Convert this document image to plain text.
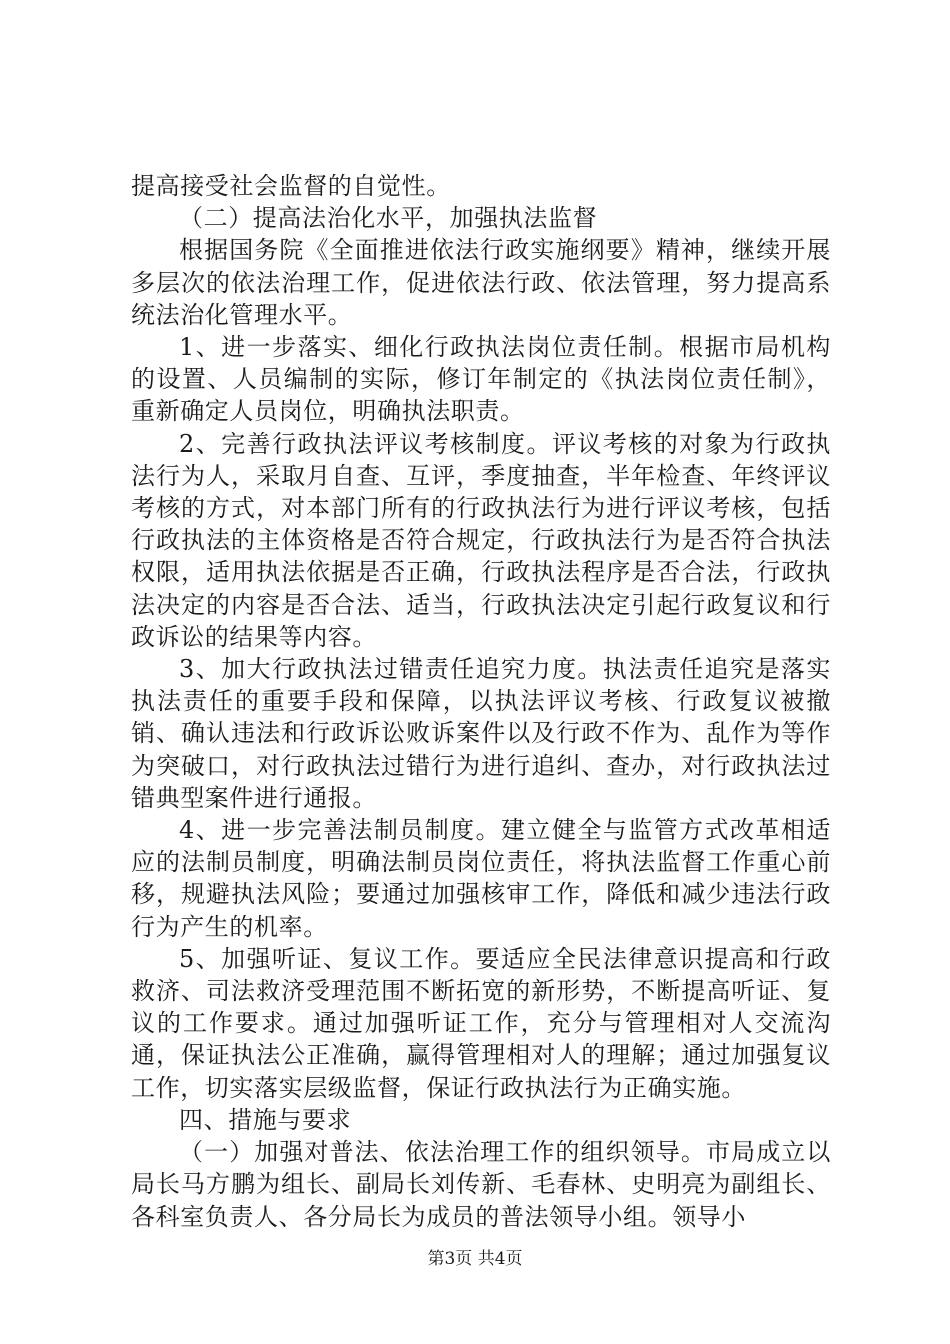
提高接受社会监督的自觉性。

（二）提高法治化水平，加强执法监督

根据国务院《全面推进依法行政实施纲要》精神，继续开展多层次的依法治理工作，促进依法行政、依法管理，努力提高系统法治化管理水平。

1、进一步落实、细化行政执法岗位责任制。根据市局机构的设置、人员编制的实际，修订年制定的《执法岗位责任制》，重新确定人员岗位，明确执法职责。

2、完善行政执法评议考核制度。评议考核的对象为行政执法行为人，采取月自查、互评，季度抽查，半年检查、年终评议考核的方式，对本部门所有的行政执法行为进行评议考核，包括行政执法的主体资格是否符合规定，行政执法行为是否符合执法权限，适用执法依据是否正确，行政执法程序是否合法，行政执法决定的内容是否合法、适当，行政执法决定引起行政复议和行政诉讼的结果等内容。

3、加大行政执法过错责任追究力度。执法责任追究是落实执法责任的重要手段和保障，以执法评议考核、行政复议被撤销、确认违法和行政诉讼败诉案件以及行政不作为、乱作为等作为突破口，对行政执法过错行为进行追纠、查办，对行政执法过错典型案件进行通报。

4、进一步完善法制员制度。建立健全与监管方式改革相适应的法制员制度，明确法制员岗位责任，将执法监督工作重心前移，规避执法风险；要通过加强核审工作，降低和减少违法行政行为产生的机率。

5、加强听证、复议工作。要适应全民法律意识提高和行政救济、司法救济受理范围不断拓宽的新形势，不断提高听证、复议的工作要求。通过加强听证工作，充分与管理相对人交流沟通，保证执法公正准确，赢得管理相对人的理解；通过加强复议工作，切实落实层级监督，保证行政执法行为正确实施。

四、措施与要求

（一）加强对普法、依法治理工作的组织领导。市局成立以局长马方鹏为组长、副局长刘传新、毛春林、史明亮为副组长、各科室负责人、各分局长为成员的普法领导小组。领导小

第3页 共4页
